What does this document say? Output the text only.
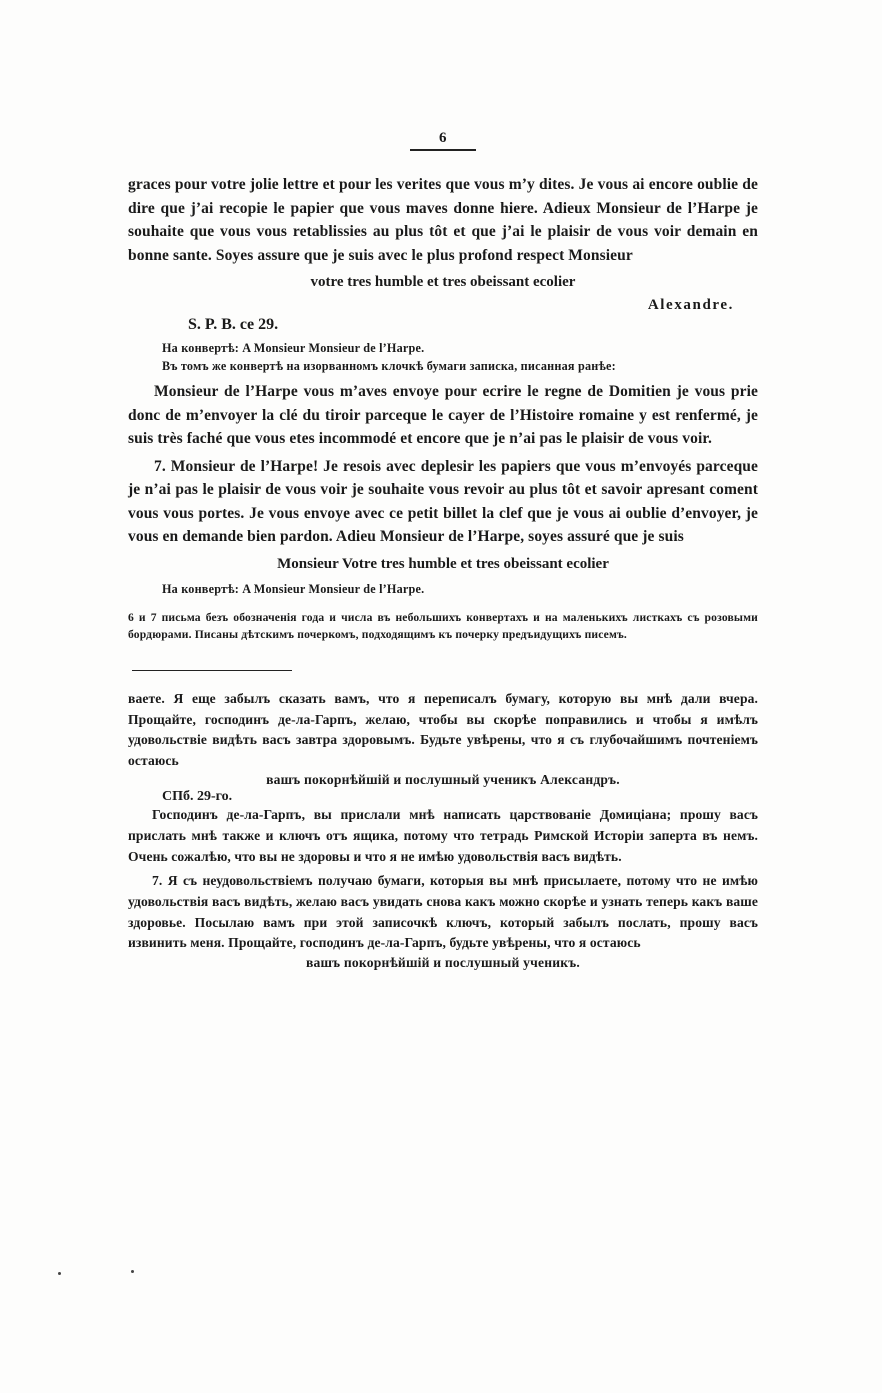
6

graces pour votre jolie lettre et pour les verites que vous m’y dites. Je vous ai encore oublie de dire que j’ai recopie le papier que vous maves donne hiere. Adieux Monsieur de l’Harpe je souhaite que vous vous retablissies au plus tôt et que j’ai le plaisir de vous voir demain en bonne sante. Soyes assure que je suis avec le plus profond respect Monsieur

votre tres humble et tres obeissant ecolier

Alexandre.

S. P. B. ce 29.

На конвертѣ: A Monsieur Monsieur de l’Harpe.

Въ томъ же конвертѣ на изорванномъ клочкѣ бумаги записка, писанная ранѣе:

Monsieur de l’Harpe vous m’aves envoye pour ecrire le regne de Domitien je vous prie donc de m’envoyer la clé du tiroir parceque le cayer de l’Histoire romaine y est renfermé, je suis très faché que vous etes incommodé et encore que je n’ai pas le plaisir de vous voir.

7. Monsieur de l’Harpe! Je resois avec deplesir les papiers que vous m’envoyés parceque je n’ai pas le plaisir de vous voir je souhaite vous revoir au plus tôt et savoir apresant coment vous vous portes. Je vous envoye avec ce petit billet la clef que je vous ai oublie d’envoyer, je vous en demande bien pardon. Adieu Monsieur de l’Harpe, soyes assuré que je suis

Monsieur Votre tres humble et tres obeissant ecolier

На конвертѣ: A Monsieur Monsieur de l’Harpe.

6 и 7 письма безъ обозначенія года и числа въ небольшихъ конвертахъ и на маленькихъ листкахъ съ розовыми бордюрами. Писаны дѣтскимъ почеркомъ, подходящимъ къ почерку предъидущихъ писемъ.

ваете. Я еще забылъ сказать вамъ, что я переписалъ бумагу, которую вы мнѣ дали вчера. Прощайте, господинъ де-ла-Гарпъ, желаю, чтобы вы скорѣе поправились и чтобы я имѣлъ удовольствіе видѣть васъ завтра здоровымъ. Будьте увѣрены, что я съ глубочайшимъ почтеніемъ остаюсь

вашъ покорнѣйшій и послушный ученикъ Александръ.

СПб. 29-го.

Господинъ де-ла-Гарпъ, вы прислали мнѣ написать царствованіе Домиціана; прошу васъ прислать мнѣ также и ключъ отъ ящика, потому что тетрадь Римской Исторіи заперта въ немъ. Очень сожалѣю, что вы не здоровы и что я не имѣю удовольствія васъ видѣть.

7. Я съ неудовольствіемъ получаю бумаги, которыя вы мнѣ присылаете, потому что не имѣю удовольствія васъ видѣть, желаю васъ увидать снова какъ можно скорѣе и узнать теперь какъ ваше здоровье. Посылаю вамъ при этой записочкѣ ключъ, который забылъ послать, прошу васъ извинить меня. Прощайте, господинъ де-ла-Гарпъ, будьте увѣрены, что я остаюсь

вашъ покорнѣйшій и послушный ученикъ.
